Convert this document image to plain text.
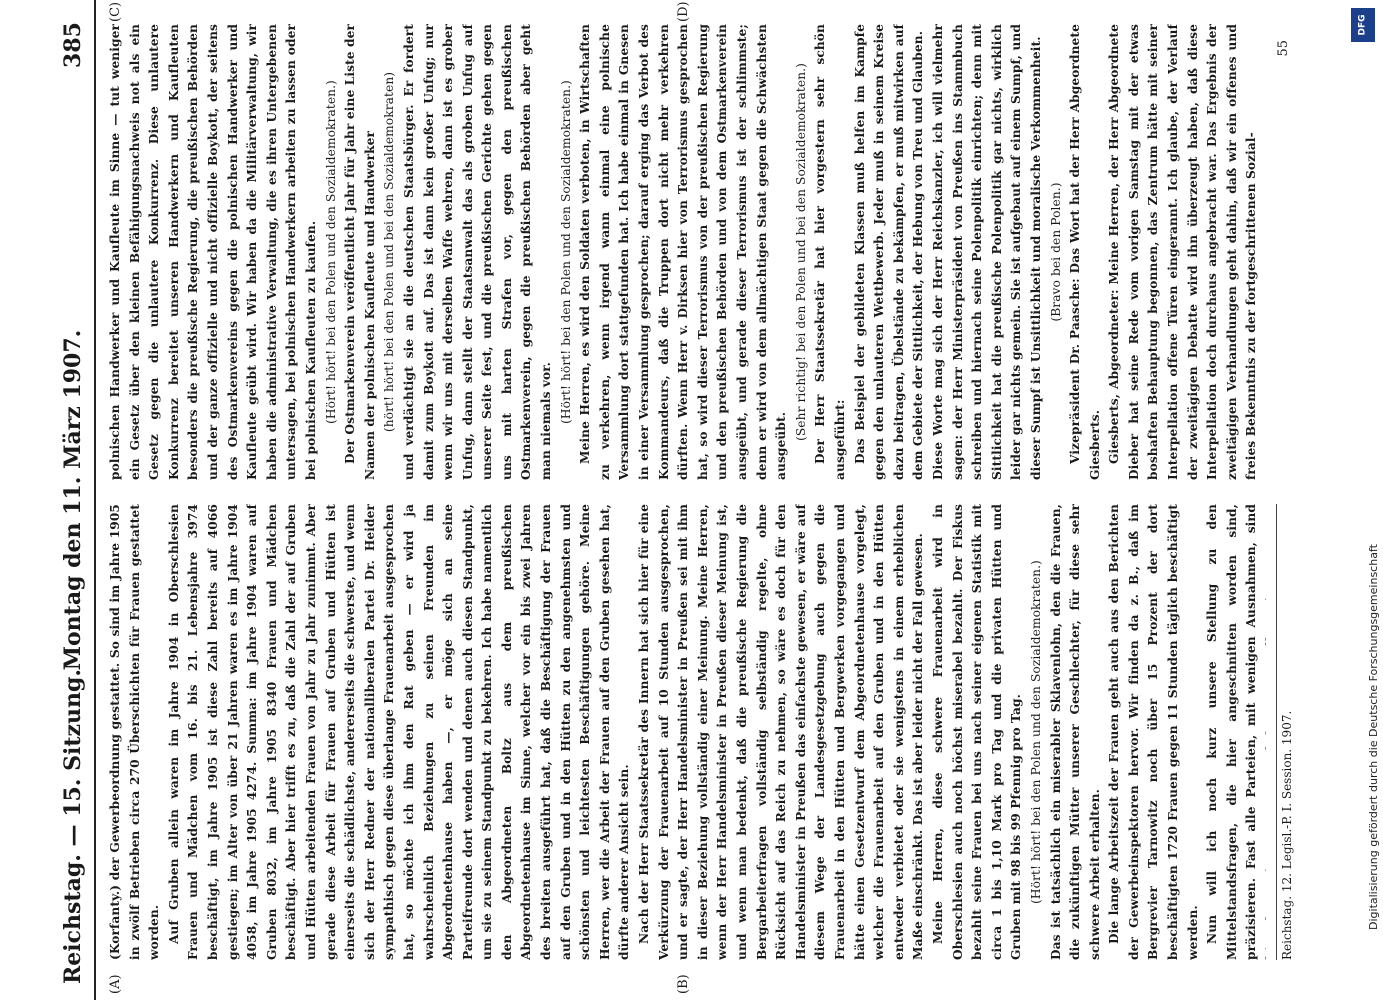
Reichstag. — 15. Sitzung.
Montag den 11. März 1907.
385
(A)	(B)
(C)	(D)

(Korfanty.) der Gewerbeordnung gestattet. So sind im Jahre 1905 in zwölf Betrieben circa 270 Überschichten für Frauen gestattet worden. Auf Gruben allein waren im Jahre 1904 in Oberschlesien Frauen und Mädchen vom 16. bis 21. Lebensjahre 3974 beschäftigt, im Jahre 1905 ist diese Zahl bereits auf 4066 gestiegen; im Alter von über 21 Jahren waren es im Jahre 1904 4058, im Jahre 1905 4274. Summa: im Jahre 1904 waren auf Gruben 8032, im Jahre 1905 8340 Frauen und Mädchen beschäftigt. Aber hier trifft es zu, daß die Zahl der auf Gruben und Hütten arbeitenden Frauen von Jahr zu Jahr zunimmt. Aber gerade diese Arbeit für Frauen auf Gruben und Hütten ist einerseits die schädlichste, andererseits die schwerste, und wenn sich der Herr Redner der nationalliberalen Partei Dr. Heider sympathisch gegen diese überlange Frauenarbeit ausgesprochen hat, so möchte ich ihm den Rat geben — er wird ja wahrscheinlich Beziehungen zu seinen Freunden im Abgeordnetenhause haben —, er möge sich an seine Parteifreunde dort wenden und denen auch diesen Standpunkt, um sie zu seinem Standpunkt zu bekehren. Ich habe namentlich den Abgeordneten Boltz aus dem preußischen Abgeordnetenhause im Sinne, welcher vor ein bis zwei Jahren des breiten ausgeführt hat, daß die Beschäftigung der Frauen auf den Gruben und in den Hütten zu den angenehmsten und schönsten und leichtesten Beschäftigungen gehöre. Meine Herren, wer die Arbeit der Frauen auf den Gruben gesehen hat, dürfte anderer Ansicht sein. Nach der Herr Staatssekretär des Innern hat sich hier für eine Verkürzung der Frauenarbeit auf 10 Stunden ausgesprochen, und er sagte, der Herr Handelsminister in Preußen sei mit ihm in dieser Beziehung vollständig einer Meinung. Meine Herren, wenn der Herr Handelsminister in Preußen dieser Meinung ist, und wenn man bedenkt, daß die preußische Regierung die Bergarbeiterfragen vollständig selbständig regelte, ohne Rücksicht auf das Reich zu nehmen, so wäre es doch für den Handelsminister in Preußen das einfachste gewesen, er wäre auf diesem Wege der Landesgesetzgebung auch gegen die Frauenarbeit in den Hütten und Bergwerken vorgegangen und hätte einen Gesetzentwurf dem Abgeordnetenhause vorgelegt, welcher die Frauenarbeit auf den Gruben und in den Hütten entweder verbietet oder sie wenigstens in einem erheblichen Maße einschränkt. Das ist aber leider nicht der Fall gewesen. Meine Herren, diese schwere Frauenarbeit wird in Oberschlesien auch noch höchst miserabel bezahlt. Der Fiskus bezahlt seine Frauen bei uns nach seiner eigenen Statistik mit circa 1 bis 1,10 Mark pro Tag und die privaten Hütten und Gruben mit 98 bis 99 Pfennig pro Tag. (Hört! hört! bei den Polen und den Sozialdemokraten.) Das ist tatsächlich ein miserabler Sklavenlohn, den die Frauen, die zukünftigen Mütter unserer Geschlechter, für diese sehr schwere Arbeit erhalten. Die lange Arbeitszeit der Frauen geht auch aus den Berichten der Gewerbeinspektoren hervor. Wir finden da z. B., daß im Bergrevier Tarnowitz noch über 15 Prozent der dort beschäftigten 1720 Frauen gegen 11 Stunden täglich beschäftigt werden. Nun will ich noch kurz unsere Stellung zu den Mittelstandsfragen, die hier angeschnitten worden sind, präzisieren. Fast alle Parteien, mit wenigen Ausnahmen, sind

polnischen Handwerker und Kaufleute im Sinne — tut weniger ein Gesetz über den kleinen Befähigungsnachweis not als ein Gesetz gegen die unlautere Konkurrenz. Diese unlautere Konkurrenz bereitet unseren Handwerkern und Kaufleuten besonders die preußische Regierung, die preußischen Behörden und der ganze offizielle und nicht offizielle Boykott, der seitens des Ostmarkenvereins gegen die polnischen Handwerker und Kaufleute geübt wird. Wir haben da die Militärverwaltung, wir haben die administrative Verwaltung, die es ihren Untergebenen untersagen, bei polnischen Handwerkern arbeiten zu lassen oder bei polnischen Kaufleuten zu kaufen. (Hört! hört! bei den Polen und den Sozialdemokraten.) Der Ostmarkenverein veröffentlicht Jahr für Jahr eine Liste der Namen der polnischen Kaufleute und Handwerker (hört! hört! bei den Polen und bei den Sozialdemokraten) und verdächtigt sie an die deutschen Staatsbürger. Er fordert damit zum Boykott auf. Das ist dann kein großer Unfug; nur wenn wir uns mit derselben Waffe wehren, dann ist es grober Unfug, dann stellt der Staatsanwalt das als groben Unfug auf unserer Seite fest, und die preußischen Gerichte gehen gegen uns mit harten Strafen vor, gegen den preußischen Ostmarkenverein, gegen die preußischen Behörden aber geht man niemals vor. (Hört! hört! bei den Polen und den Sozialdemokraten.) Meine Herren, es wird den Soldaten verboten, in Wirtschaften zu verkehren, wenn irgend wann einmal eine polnische Versammlung dort stattgefunden hat. Ich habe einmal in Gnesen in einer Versammlung gesprochen; darauf erging das Verbot des Kommandeurs, daß die Truppen dort nicht mehr verkehren dürften. Wenn Herr v. Dirksen hier von Terrorismus gesprochen hat, so wird dieser Terrorismus von der preußischen Regierung und den preußischen Behörden und von dem Ostmarkenverein ausgeübt, und gerade dieser Terrorismus ist der schlimmste; denn er wird von dem allmächtigen Staat gegen die Schwächsten ausgeübt.

(Sehr richtig! bei den Polen und bei den Sozialdemokraten.) Der Herr Staatssekretär hat hier vorgestern sehr schön ausgeführt: Das Beispiel der gebildeten Klassen muß helfen im Kampfe gegen den unlauteren Wettbewerb. Jeder muß in seinem Kreise dazu beitragen, Übelstände zu bekämpfen, er muß mitwirken auf dem Gebiete der Sittlichkeit, der Hebung von Treu und Glauben. Diese Worte mag sich der Herr Reichskanzler, ich will vielmehr sagen: der Herr Ministerpräsident von Preußen ins Stammbuch schreiben und hiernach seine Polenpolitik einrichten; denn mit Sittlichkeit hat die preußische Polenpolitik gar nichts, wirklich leider gar nichts gemein. Sie ist aufgebaut auf einem Sumpf, und dieser Sumpf ist Unsittlichkeit und moralische Verkommenheit. (Bravo bei den Polen.) Vizepräsident Dr. Paasche: Das Wort hat der Herr Abgeordnete Giesberts. Giesberts, Abgeordneter: Meine Herren, der Herr Abgeordnete Dieber hat seine Rede vom vorigen Samstag mit der etwas boshaften Behauptung begonnen, das Zentrum hätte mit seiner Interpellation offene Türen eingerannt. Ich glaube, der Verlauf der zweitägigen Debatte wird ihn überzeugt haben, daß diese Interpellation doch durchaus angebracht war. Das Ergebnis der zweitägigen Verhandlungen geht dahin, daß wir ein offenes und freies Bekenntnis zu der fortgeschrittenen Sozial-

Reichstag. 12. Legisl.-P. I. Session. 1907.
55
DFG
Digitalisierung gefördert durch die Deutsche Forschungsgemeinschaft
